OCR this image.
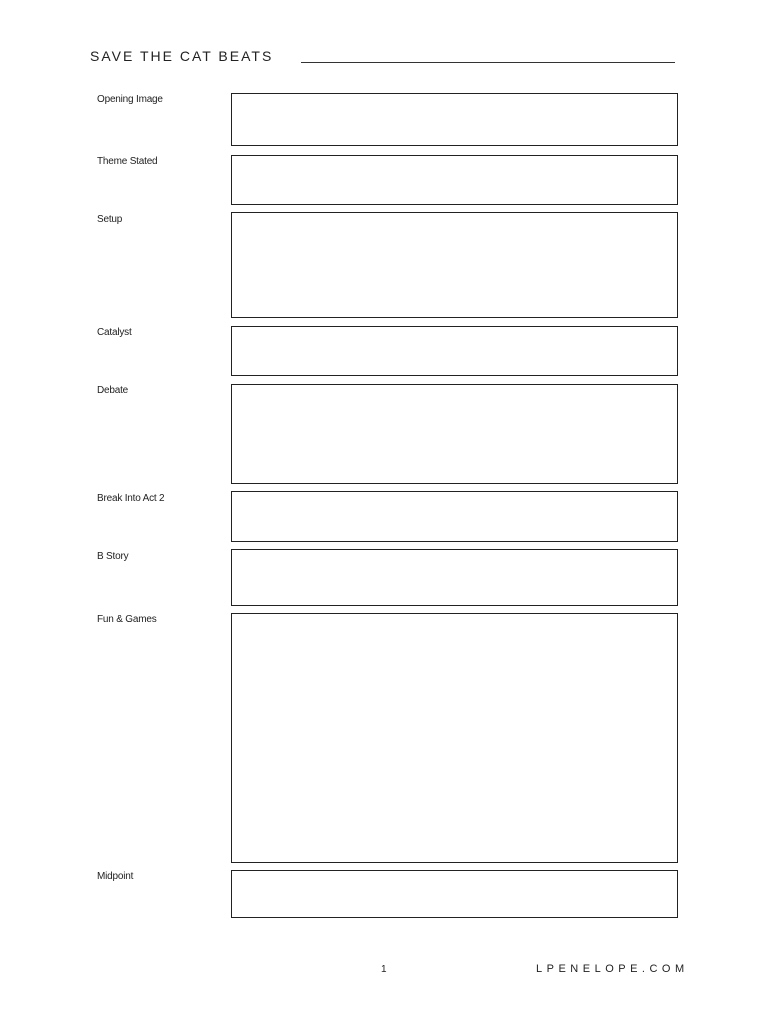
SAVE THE CAT BEATS
Opening Image
Theme Stated
Setup
Catalyst
Debate
Break Into Act 2
B Story
Fun & Games
Midpoint
1	LPENELOPE.COM
